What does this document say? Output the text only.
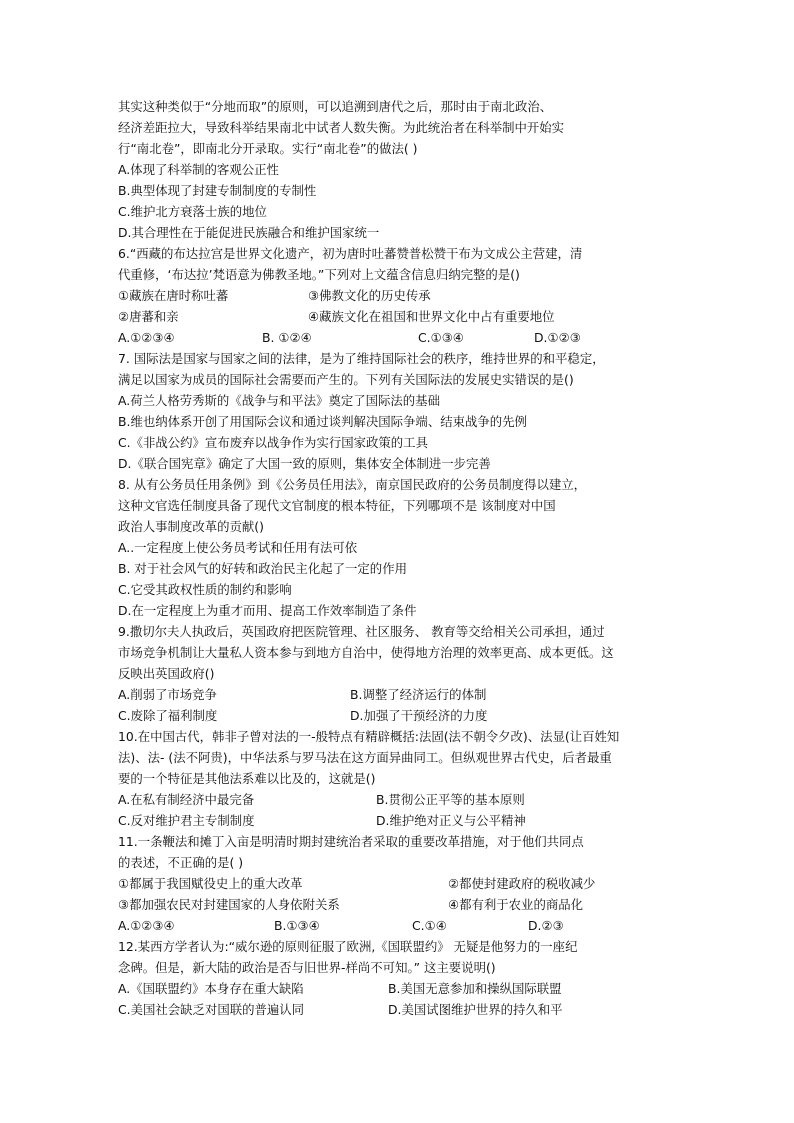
其实这种类似于“分地而取”的原则，可以追溯到唐代之后，那时由于南北政治、
经济差距拉大，导致科举结果南北中试者人数失衡。为此统治者在科举制中开始实
行“南北卷”，即南北分开录取。实行“南北卷”的做法( )
A.体现了科举制的客观公正性
B.典型体现了封建专制制度的专制性
C.维护北方衰落士族的地位
D.其合理性在于能促进民族融合和维护国家统一
6.“西藏的布达拉宫是世界文化遗产，初为唐时吐蕃赞普松赞干布为文成公主营建，清
代重修，‘布达拉’梵语意为佛教圣地。”下列对上文蕴含信息归纳完整的是()
①藏族在唐时称吐蕃	③佛教文化的历史传承
②唐蕃和亲	④藏族文化在祖国和世界文化中占有重要地位
A.①②③④	B. ①②④	C.①③④	D.①②③
7. 国际法是国家与国家之间的法律，是为了维持国际社会的秩序，维持世界的和平稳定，
满足以国家为成员的国际社会需要而产生的。下列有关国际法的发展史实错误的是()
A.荷兰人格劳秀斯的《战争与和平法》奠定了国际法的基础
B.维也纳体系开创了用国际会议和通过谈判解决国际争端、结束战争的先例
C.《非战公约》宣布废弃以战争作为实行国家政策的工具
D.《联合国宪章》确定了大国一致的原则，集体安全体制进一步完善
8. 从有公务员任用条例》到《公务员任用法》，南京国民政府的公务员制度得以建立，
这种文官选任制度具备了现代文官制度的根本特征，下列哪项不是 该制度对中国
政治人事制度改革的贡献()
A..一定程度上使公务员考试和任用有法可依
B. 对于社会风气的好转和政治民主化起了一定的作用
C.它受其政权性质的制约和影响
D.在一定程度上为重才而用、提高工作效率制造了条件
9.撒切尔夫人执政后，英国政府把医院管理、社区服务、 教育等交给相关公司承担，通过
市场竞争机制让大量私人资本参与到地方自治中，使得地方治理的效率更高、成本更低。这
反映出英国政府()
A.削弱了市场竞争	B.调整了经济运行的体制
C.废除了福利制度	D.加强了干预经济的力度
10.在中国古代，韩非子曾对法的一-般特点有精辟概括:法固(法不朝令夕改)、法显(让百姓知
法)、法- (法不阿贵)，中华法系与罗马法在这方面异曲同工。但纵观世界古代史，后者最重
要的一个特征是其他法系难以比及的，这就是()
A.在私有制经济中最完备	B.贯彻公正平等的基本原则
C.反对维护君主专制制度	D.维护绝对正义与公平精神
11.一条鞭法和摊丁入亩是明清时期封建统治者采取的重要改革措施，对于他们共同点
的表述，不正确的是( )
①都属于我国赋役史上的重大改革	②都使封建政府的税收减少
③都加强农民对封建国家的人身依附关系	④都有利于农业的商品化
A.①②③④	B.①③④	C.①④	D.②③
12.某西方学者认为:“威尔逊的原则征服了欧洲,《国联盟约》 无疑是他努力的一座纪
念碑。但是，新大陆的政治是否与旧世界-样尚不可知。” 这主要说明()
A.《国联盟约》本身存在重大缺陷	B.美国无意参加和操纵国际联盟
C.美国社会缺乏对国联的普遍认同	D.美国试图维护世界的持久和平
